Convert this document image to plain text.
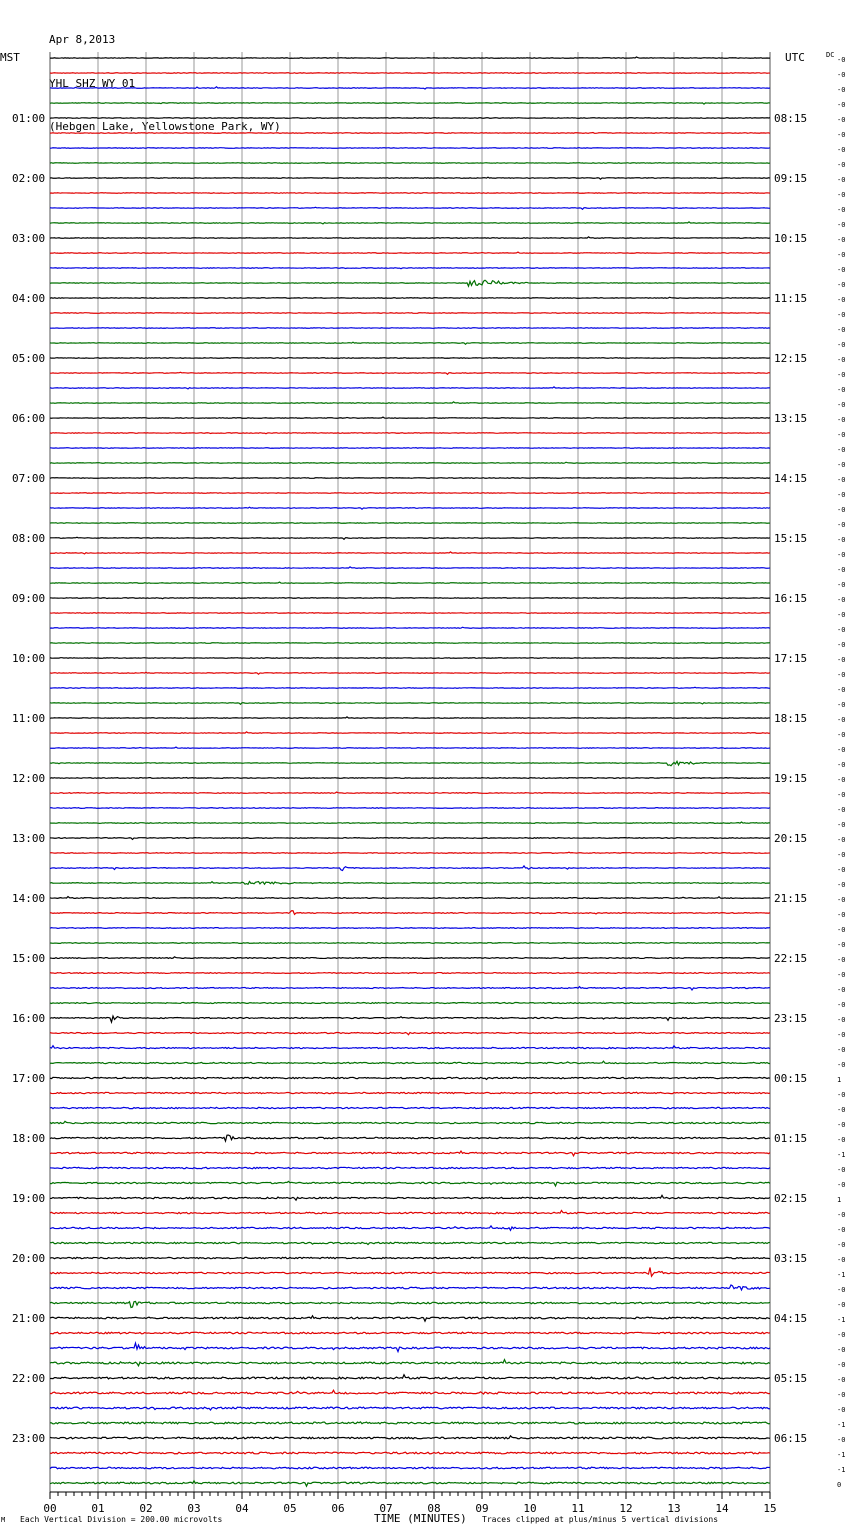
Apr 8,2013

YHL SHZ WY 01

(Hebgen Lake, Yellowstone Park, WY)

MST	UTC	DC
-0
-0
-0
-0
-0
01:00	08:15
-0
-0
-0
-0
02:00	09:15
-0
-0
-0
-0
03:00	10:15
-0
-0
-0
-0
04:00	11:15
-0
-0
-0
-0
05:00	12:15
-0
-0
-0
-0
06:00	13:15
-0
-0
-0
-0
07:00	14:15
-0
-0
-0
-0
08:00	15:15
-0
-0
-0
-0
09:00	16:15
-0
-0
-0
-0
10:00	17:15
-0
-0
-0
-0
11:00	18:15
-0
-0
-0
-0
12:00	19:15
-0
-0
-0
-0
13:00	20:15
-0
-0
-0
-0
14:00	21:15
-0
-0
-0
-0
15:00	22:15
-0
-0
-0
-0
16:00	23:15
-0
-0
-0
1
17:00	00:15
-0
-0
-0
-0
18:00	01:15
-1
-0
-0
1
19:00	02:15
-0
-0
-0
-0
20:00	03:15
-1
-0
-0
-1
21:00	04:15
-0
-0
-0
-0
22:00	05:15
-0
-0
-1
-0
23:00	06:15
-1
-1
0
00	01	02	03	04	05	06	07	08	09	10	11	12	13	14	15
M Each Vertical Division = 200.00 microvolts	TIME (MINUTES) Traces clipped at plus/minus 5 vertical divisions
